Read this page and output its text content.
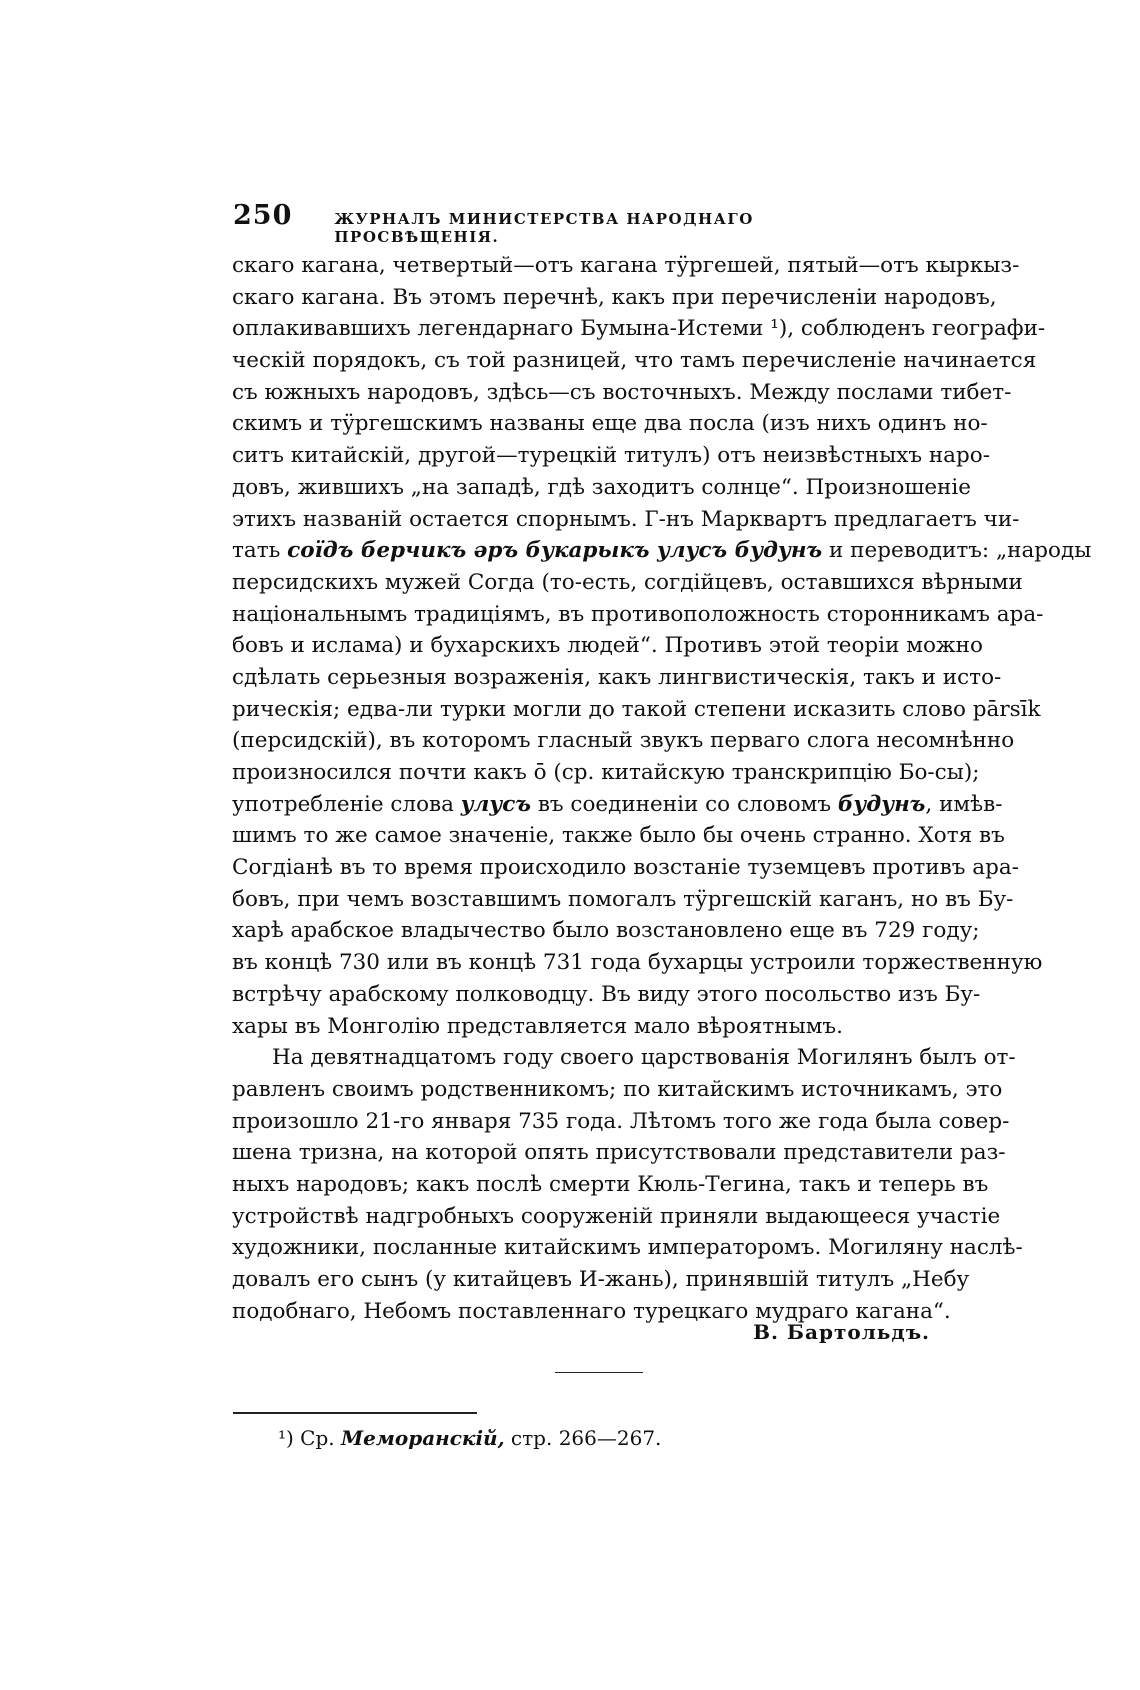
250	ЖУРНАЛЪ МИНИСТЕРСТВА НАРОДНАГО ПРОСВѢЩЕНІЯ.
скаго кагана, четвертый—отъ кагана тӱргешей, пятый—отъ кыркыз-
скаго кагана. Въ этомъ перечнѣ, какъ при перечисленіи народовъ,
оплакивавшихъ легендарнаго Бумына-Истеми ¹), соблюденъ географи-
ческій порядокъ, съ той разницей, что тамъ перечисленіе начинается
съ южныхъ народовъ, здѣсь—съ восточныхъ. Между послами тибет-
скимъ и тӱргешскимъ названы еще два посла (изъ нихъ одинъ но-
ситъ китайскій, другой—турецкій титулъ) отъ неизвѣстныхъ наро-
довъ, жившихъ „на западѣ, гдѣ заходитъ солнце“. Произношеніе
этихъ названій остается спорнымъ. Г-нъ Марквартъ предлагаетъ чи-
тать соїдъ берчикъ əръ букарыкъ улусъ будунъ и переводитъ: „народы
персидскихъ мужей Согда (то-есть, согдійцевъ, оставшихся вѣрными
національнымъ традиціямъ, въ противоположность сторонникамъ ара-
бовъ и ислама) и бухарскихъ людей“. Противъ этой теоріи можно
сдѣлать серьезныя возраженія, какъ лингвистическія, такъ и исто-
рическія; едва-ли турки могли до такой степени исказить слово pārsīk
(персидскій), въ которомъ гласный звукъ перваго слога несомнѣнно
произносился почти какъ ō (ср. китайскую транскрипцію Бо-сы);
употребленіе слова улусъ въ соединеніи со словомъ будунъ, имѣв-
шимъ то же самое значеніе, также было бы очень странно. Хотя въ
Согдіанѣ въ то время происходило возстаніе туземцевъ противъ ара-
бовъ, при чемъ возставшимъ помогалъ тӱргешскій каганъ, но въ Бу-
харѣ арабское владычество было возстановлено еще въ 729 году;
въ концѣ 730 или въ концѣ 731 года бухарцы устроили торжественную
встрѣчу арабскому полководцу. Въ виду этого посольство изъ Бу-
хары въ Монголію представляется мало вѣроятнымъ.
На девятнадцатомъ году своего царствованія Могилянъ былъ от-
равленъ своимъ родственникомъ; по китайскимъ источникамъ, это
произошло 21-го января 735 года. Лѣтомъ того же года была совер-
шена тризна, на которой опять присутствовали представители раз-
ныхъ народовъ; какъ послѣ смерти Кюль-Тегина, такъ и теперь въ
устройствѣ надгробныхъ сооруженій приняли выдающееся участіе
художники, посланные китайскимъ императоромъ. Могиляну наслѣ-
довалъ его сынъ (у китайцевъ И-жань), принявшій титулъ „Небу
подобнаго, Небомъ поставленнаго турецкаго мудраго кагана“.
В. Бартольдъ.
¹) Ср. Меморанскій, стр. 266—267.
